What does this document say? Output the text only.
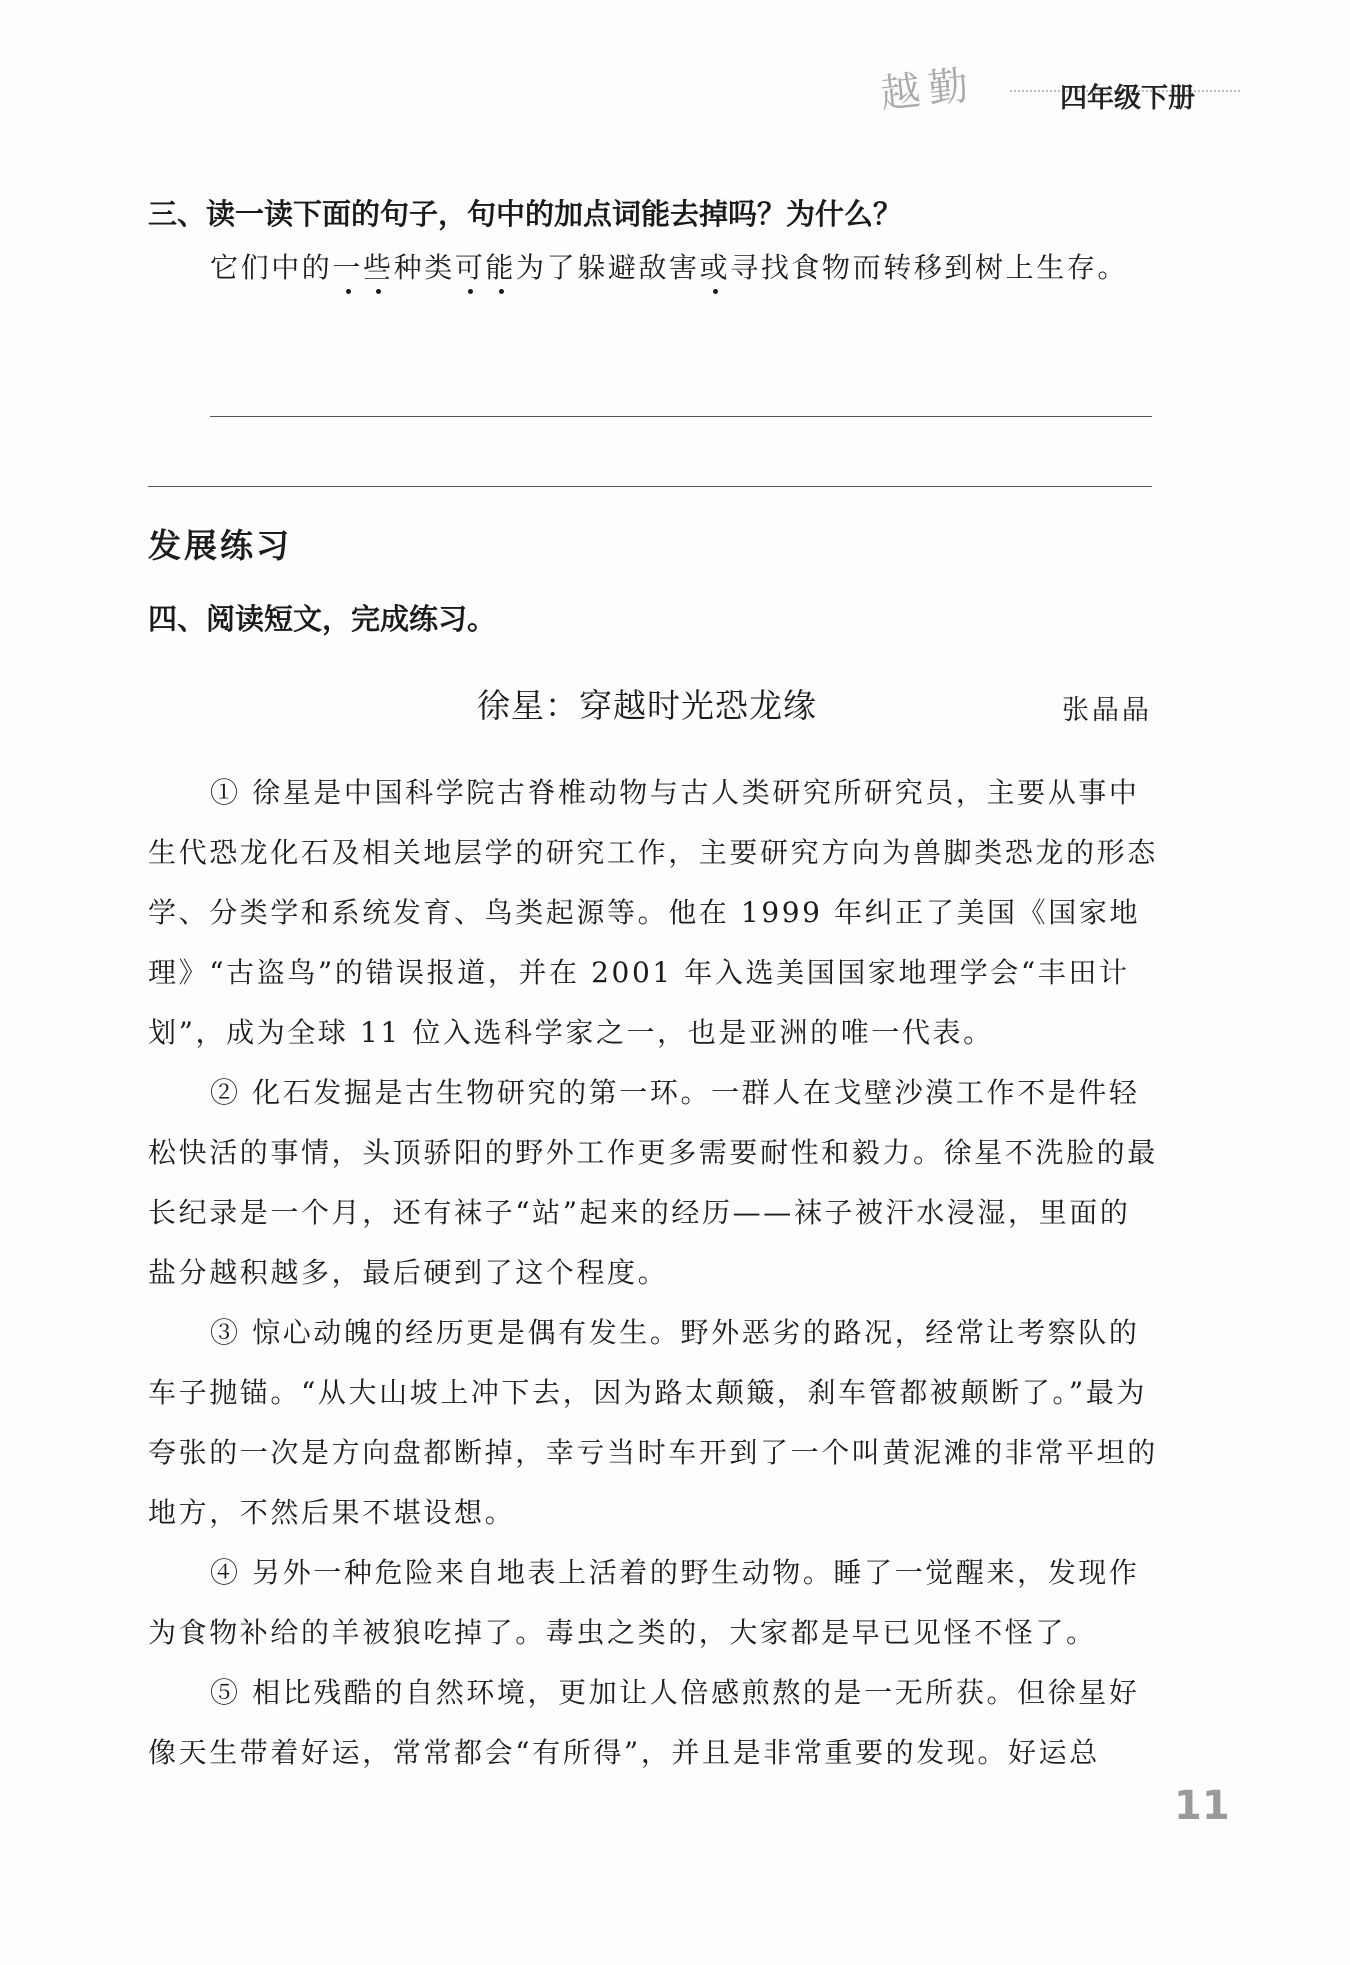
越勤	四年级下册
三、读一读下面的句子，句中的加点词能去掉吗？为什么？
它们中的一些
种类可能
为了躲避敌害或
寻找食物而转移到树上生存。
发展练习
四、阅读短文，完成练习。
徐星：穿越时光恐龙缘	张晶晶
① 徐星是中国科学院古脊椎动物与古人类研究所研究员，主要从事中生代恐龙化石及相关地层学的研究工作，主要研究方向为兽脚类恐龙的形态学、分类学和系统发育、鸟类起源等。他在 1999 年纠正了美国《国家地理》“古盗鸟”的错误报道，并在 2001 年入选美国国家地理学会“丰田计划”，成为全球 11 位入选科学家之一，也是亚洲的唯一代表。
② 化石发掘是古生物研究的第一环。一群人在戈壁沙漠工作不是件轻松快活的事情，头顶骄阳的野外工作更多需要耐性和毅力。徐星不洗脸的最长纪录是一个月，还有袜子“站”起来的经历——袜子被汗水浸湿，里面的盐分越积越多，最后硬到了这个程度。
③ 惊心动魄的经历更是偶有发生。野外恶劣的路况，经常让考察队的车子抛锚。“从大山坡上冲下去，因为路太颠簸，刹车管都被颠断了。”最为夸张的一次是方向盘都断掉，幸亏当时车开到了一个叫黄泥滩的非常平坦的地方，不然后果不堪设想。
④ 另外一种危险来自地表上活着的野生动物。睡了一觉醒来，发现作为食物补给的羊被狼吃掉了。毒虫之类的，大家都是早已见怪不怪了。
⑤ 相比残酷的自然环境，更加让人倍感煎熬的是一无所获。但徐星好像天生带着好运，常常都会“有所得”，并且是非常重要的发现。好运总
11
